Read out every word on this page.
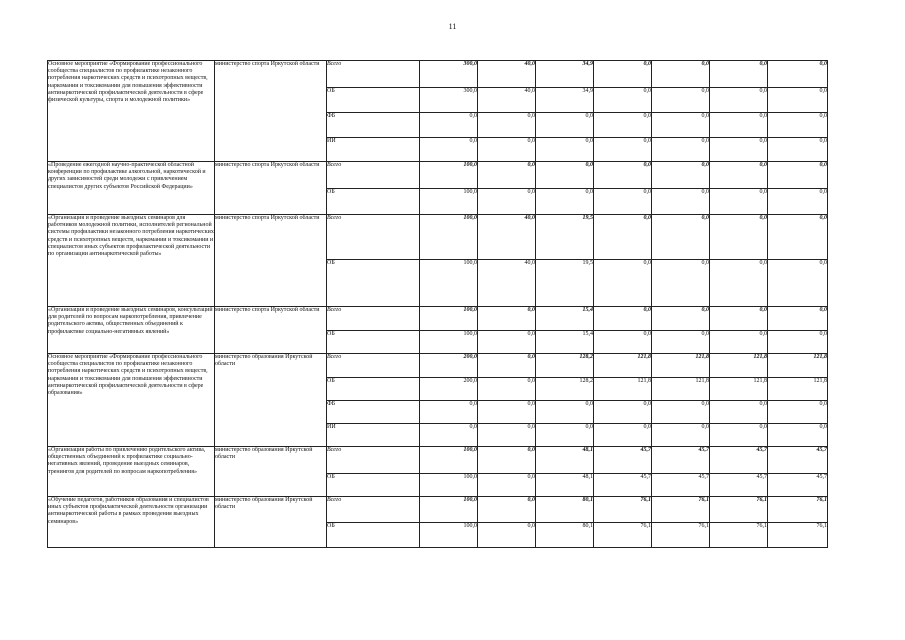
11
Основное мероприятие «Формирование профессионального сообщества специалистов по профилактике незаконного потребления наркотических средств и психотропных веществ, наркомании и токсикомании для повышения эффективности антинаркотической профилактической деятельности в сфере физической культуры, спорта и молодежной политики»	министерство спорта Иркутской области	Всего	300,0	40,0	34,9	0,0	0,0	0,0	0,0
		ОБ	300,0	40,0	34,9	0,0	0,0	0,0	0,0
		ФБ	0,0	0,0	0,0	0,0	0,0	0,0	0,0
		ИИ	0,0	0,0	0,0	0,0	0,0	0,0	0,0
«Проведение ежегодной научно-практической областной конференции по профилактике алкогольной, наркотической и других зависимостей среди молодежи с привлечением специалистов других субъектов Российской Федерации»	министерство спорта Иркутской области	Всего	100,0	0,0	0,0	0,0	0,0	0,0	0,0
		ОБ	100,0	0,0	0,0	0,0	0,0	0,0	0,0
«Организация и проведение выездных семинаров для работников молодежной политики, исполнителей региональной системы профилактики незаконного потребления наркотических средств и психотропных веществ, наркомании и токсикомании и специалистов иных субъектов профилактической деятельности по организации антинаркотической работы»	министерство спорта Иркутской области	Всего	100,0	40,0	19,5	0,0	0,0	0,0	0,0
		ОБ	100,0	40,0	19,5	0,0	0,0	0,0	0,0
«Организация и проведение выездных семинаров, консультаций для родителей по вопросам наркопотребления, привлечение родительского актива, общественных объединений к профилактике социально-негативных явлений»	министерство спорта Иркутской области	Всего	100,0	0,0	15,4	0,0	0,0	0,0	0,0
		ОБ	100,0	0,0	15,4	0,0	0,0	0,0	0,0
Основное мероприятие «Формирование профессионального сообщества специалистов по профилактике незаконного потребления наркотических средств и психотропных веществ, наркомании и токсикомании для повышения эффективности антинаркотической профилактической деятельности в сфере образования»	министерство образования Иркутской области	Всего	200,0	0,0	128,2	121,8	121,8	121,8	121,8
		ОБ	200,0	0,0	128,2	121,8	121,8	121,8	121,8
		ФБ	0,0	0,0	0,0	0,0	0,0	0,0	0,0
		ИИ	0,0	0,0	0,0	0,0	0,0	0,0	0,0
«Организация работы по привлечению родительского актива, общественных объединений к профилактике социально-негативных явлений, проведение выездных семинаров, тренингов для родителей по вопросам наркопотребления»	министерство образования Иркутской области	Всего	100,0	0,0	48,1	45,7	45,7	45,7	45,7
		ОБ	100,0	0,0	48,1	45,7	45,7	45,7	45,7
«Обучение педагогов, работников образования и специалистов иных субъектов профилактической деятельности организации антинаркотической работы в рамках проведения выездных семинаров»	министерство образования Иркутской области	Всего	100,0	0,0	80,1	76,1	76,1	76,1	76,1
		ОБ	100,0	0,0	80,1	76,1	76,1	76,1	76,1
